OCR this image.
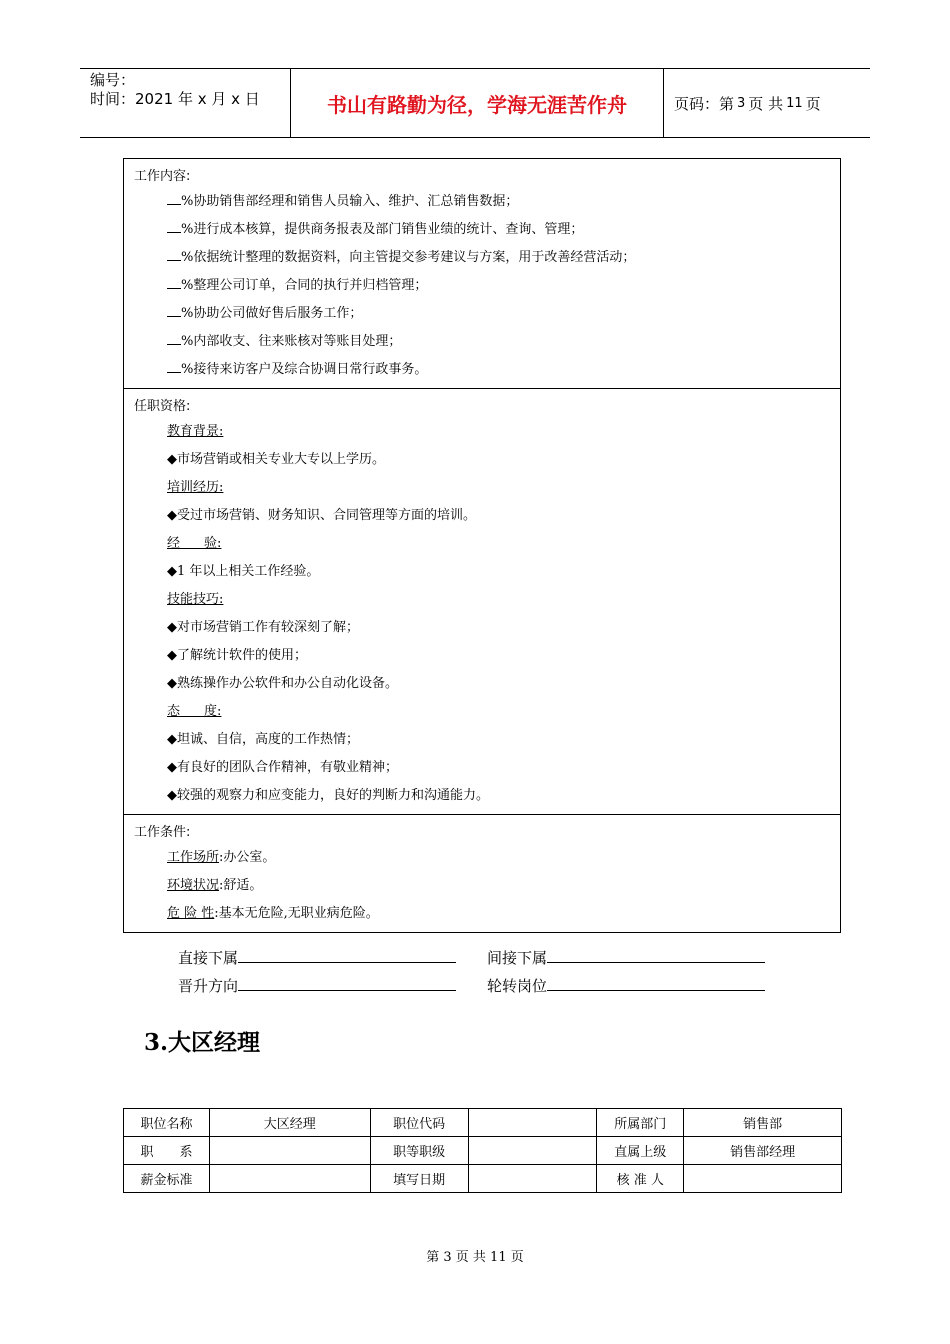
编号：
时间：2021 年 x 月 x 日	书山有路勤为径，学海无涯苦作舟	页码：第 3 页 共 11 页
工作内容:
%协助销售部经理和销售人员输入、维护、汇总销售数据；
%进行成本核算，提供商务报表及部门销售业绩的统计、查询、管理；
%依据统计整理的数据资料，向主管提交参考建议与方案，用于改善经营活动；
%整理公司订单，合同的执行并归档管理；
%协助公司做好售后服务工作；
%内部收支、往来账核对等账目处理；
%接待来访客户及综合协调日常行政事务。
任职资格:
教育背景:
◆市场营销或相关专业大专以上学历。
培训经历:
◆受过市场营销、财务知识、合同管理等方面的培训。
经验:
◆1 年以上相关工作经验。
技能技巧:
◆对市场营销工作有较深刻了解；
◆了解统计软件的使用；
◆熟练操作办公软件和办公自动化设备。
态度:
◆坦诚、自信，高度的工作热情；
◆有良好的团队合作精神，有敬业精神；
◆较强的观察力和应变能力，良好的判断力和沟通能力。
工作条件:
工作场所:办公室。
环境状况:舒适。
危 险 性:基本无危险,无职业病危险。
直接下属	间接下属
晋升方向	轮转岗位
3.大区经理
职位名称	大区经理	职位代码		所属部门	销售部
职　　系		职等职级		直属上级	销售部经理
薪金标准		填写日期		核 准 人	
第 3 页 共 11 页
